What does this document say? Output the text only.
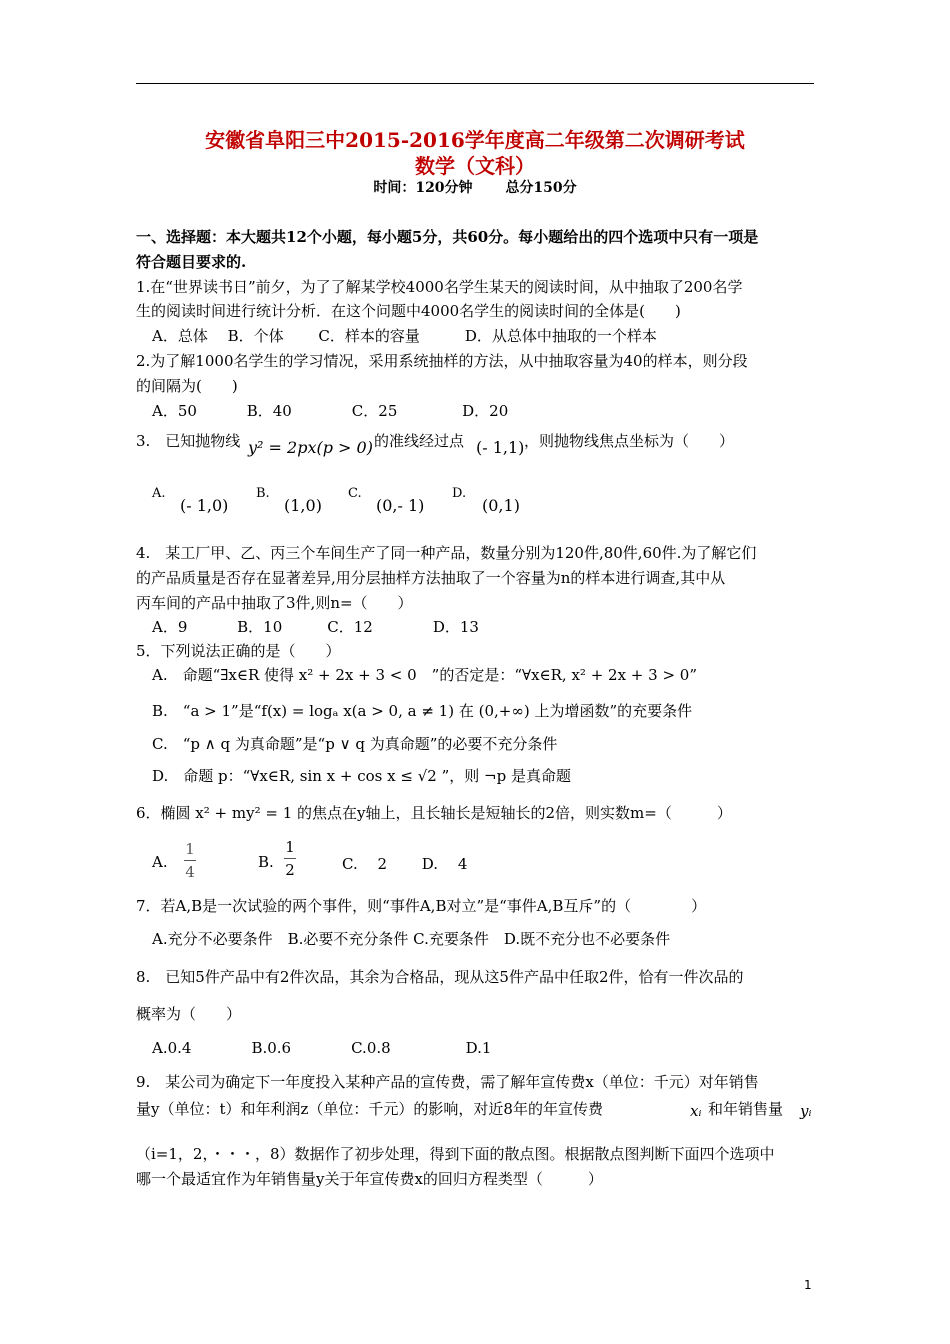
安徽省阜阳三中2015-2016学年度高二年级第二次调研考试
数学（文科）
时间：120分钟 总分150分
一、选择题：本大题共12个小题，每小题5分，共60分。每小题给出的四个选项中只有一项是
符合题目要求的.
1.在“世界读书日”前夕，为了了解某学校4000名学生某天的阅读时间，从中抽取了200名学
生的阅读时间进行统计分析．在这个问题中4000名学生的阅读时间的全体是(　　)
A．总体　 B．个体　　 C．样本的容量　　　D．从总体中抽取的一个样本
2.为了解1000名学生的学习情况，采用系统抽样的方法，从中抽取容量为40的样本，则分段
的间隔为(　　)
A．50　　　 B．40　　　　C．25　　　　 D．20
3.　已知抛物线 y² = 2px(p > 0) 的准线经过点 (- 1,1) ，则抛物线焦点坐标为（　　）
A.
(- 1,0)
B.
(1,0)
C.
(0,- 1)
D.
(0,1)
4.　某工厂甲、乙、丙三个车间生产了同一种产品，数量分别为120件,80件,60件.为了解它们
的产品质量是否存在显著差异,用分层抽样方法抽取了一个容量为n的样本进行调查,其中从
丙车间的产品中抽取了3件,则n=（　　）
A．9　　　 B．10　　　C．12　　　　D．13
5．下列说法正确的是（　　）
A.　命题“∃x∈R 使得 x² + 2x + 3 < 0　”的否定是：“∀x∈R, x² + 2x + 3 > 0”
B.　“a > 1”是“f(x) = logₐ x(a > 0, a ≠ 1) 在 (0,+∞) 上为增函数”的充要条件
C.　“p ∧ q 为真命题”是“p ∨ q 为真命题”的必要不充分条件
D.　命题 p：“∀x∈R, sin x + cos x ≤ √2 ”，则 ¬p 是真命题
6．椭圆 x² + my² = 1 的焦点在y轴上，且长轴长是短轴长的2倍，则实数m=（　　　）
A.
1
4
B.
1
2	C.　 2　　 D.　 4
7．若A,B是一次试验的两个事件，则“事件A,B对立”是“事件A,B互斥”的（　　　　）
A.充分不必要条件　B.必要不充分条件 C.充要条件　D.既不充分也不必要条件
8.　已知5件产品中有2件次品，其余为合格品，现从这5件产品中任取2件，恰有一件次品的
概率为（　　）
A.0.4　　　　B.0.6　　　　C.0.8　　　　　D.1
9.　某公司为确定下一年度投入某种产品的宣传费，需了解年宣传费x（单位：千元）对年销售
量y（单位：t）和年利润z（单位：千元）的影响，对近8年的年宣传费	xᵢ 和年销售量 yᵢ
（i=1，2，・・・，8）数据作了初步处理，得到下面的散点图。根据散点图判断下面四个选项中
哪一个最适宜作为年销售量y关于年宣传费x的回归方程类型（　　　）
1
